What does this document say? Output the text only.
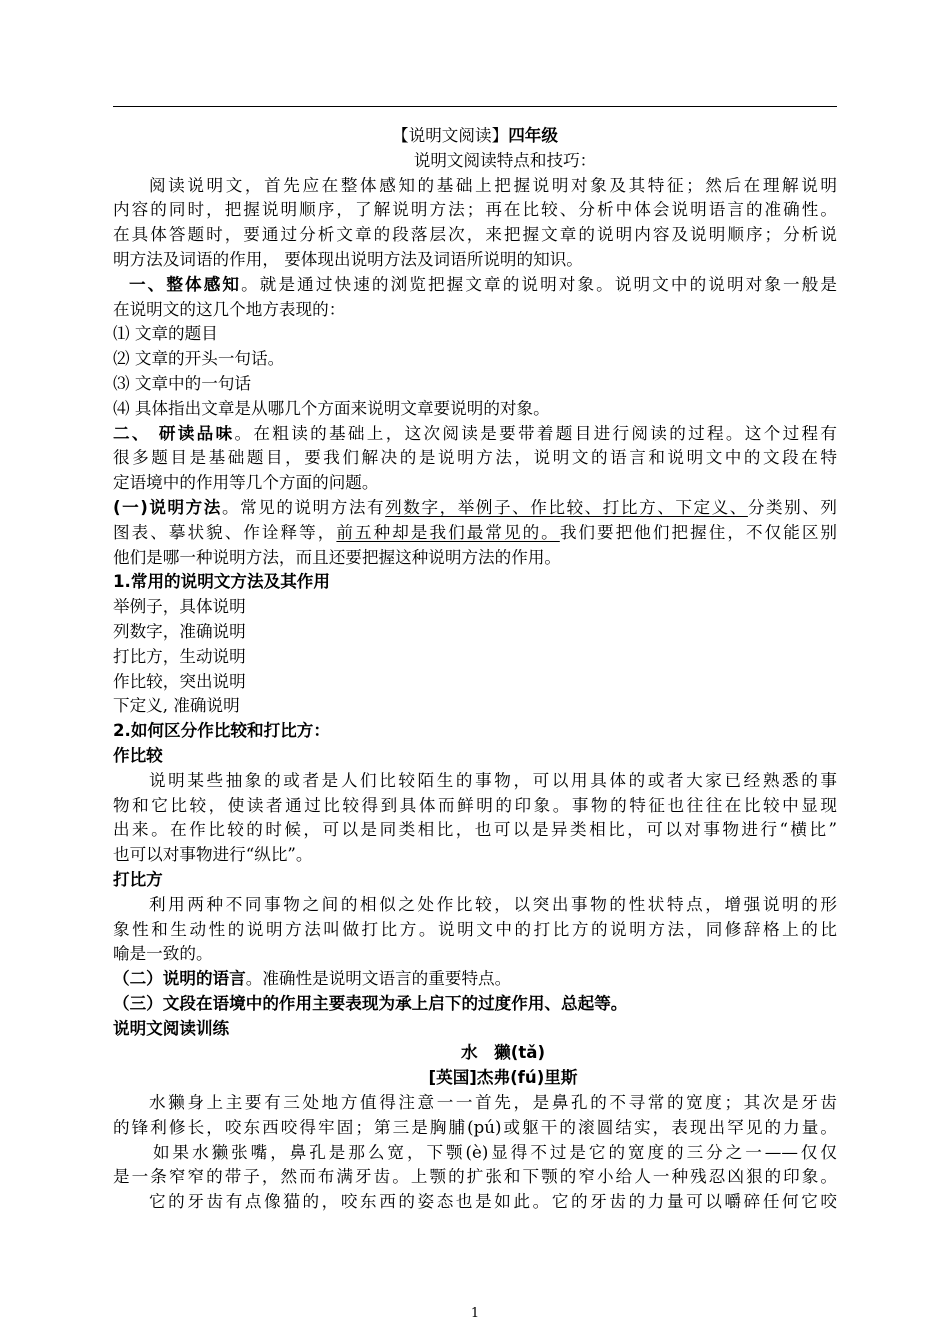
【说明文阅读】四年级
说明文阅读特点和技巧：
阅读说明文，首先应在整体感知的基础上把握说明对象及其特征；然后在理解说明
内容的同时，把握说明顺序，了解说明方法；再在比较、分析中体会说明语言的准确性。
在具体答题时，要通过分析文章的段落层次，来把握文章的说明内容及说明顺序；分析说
明方法及词语的作用， 要体现出说明方法及词语所说明的知识。
一、整体感知。就是通过快速的浏览把握文章的说明对象。说明文中的说明对象一般是
在说明文的这几个地方表现的：
⑴ 文章的题目
⑵ 文章的开头一句话。
⑶ 文章中的一句话
⑷ 具体指出文章是从哪几个方面来说明文章要说明的对象。
二、 研读品味。在粗读的基础上，这次阅读是要带着题目进行阅读的过程。这个过程有
很多题目是基础题目，要我们解决的是说明方法，说明文的语言和说明文中的文段在特
定语境中的作用等几个方面的问题。
(一)说明方法。常见的说明方法有列数字，举例子、作比较、打比方、下定义、分类别、列
图表、摹状貌、作诠释等，前五种却是我们最常见的。我们要把他们把握住，不仅能区别
他们是哪一种说明方法，而且还要把握这种说明方法的作用。
1.常用的说明文方法及其作用
举例子，具体说明
列数字，准确说明
打比方，生动说明
作比较，突出说明
下定义, 准确说明
2.如何区分作比较和打比方：
作比较
说明某些抽象的或者是人们比较陌生的事物，可以用具体的或者大家已经熟悉的事
物和它比较，使读者通过比较得到具体而鲜明的印象。事物的特征也往往在比较中显现
出来。在作比较的时候，可以是同类相比，也可以是异类相比，可以对事物进行“横比”
也可以对事物进行“纵比”。
打比方
利用两种不同事物之间的相似之处作比较，以突出事物的性状特点，增强说明的形
象性和生动性的说明方法叫做打比方。说明文中的打比方的说明方法，同修辞格上的比
喻是一致的。
（二）说明的语言。准确性是说明文语言的重要特点。
（三）文段在语境中的作用主要表现为承上启下的过度作用、总起等。
说明文阅读训练
水　獭(tǎ)
[英国]杰弗(fú)里斯
水獭身上主要有三处地方值得注意一一首先，是鼻孔的不寻常的宽度；其次是牙齿
的锋利修长，咬东西咬得牢固；第三是胸脯(pú)或躯干的滚圆结实，表现出罕见的力量。
如果水獭张嘴，鼻孔是那么宽，下颚(è)显得不过是它的宽度的三分之一——仅仅
是一条窄窄的带子，然而布满牙齿。上颚的扩张和下颚的窄小给人一种残忍凶狠的印象。
它的牙齿有点像猫的，咬东西的姿态也是如此。它的牙齿的力量可以嚼碎任何它咬
1
